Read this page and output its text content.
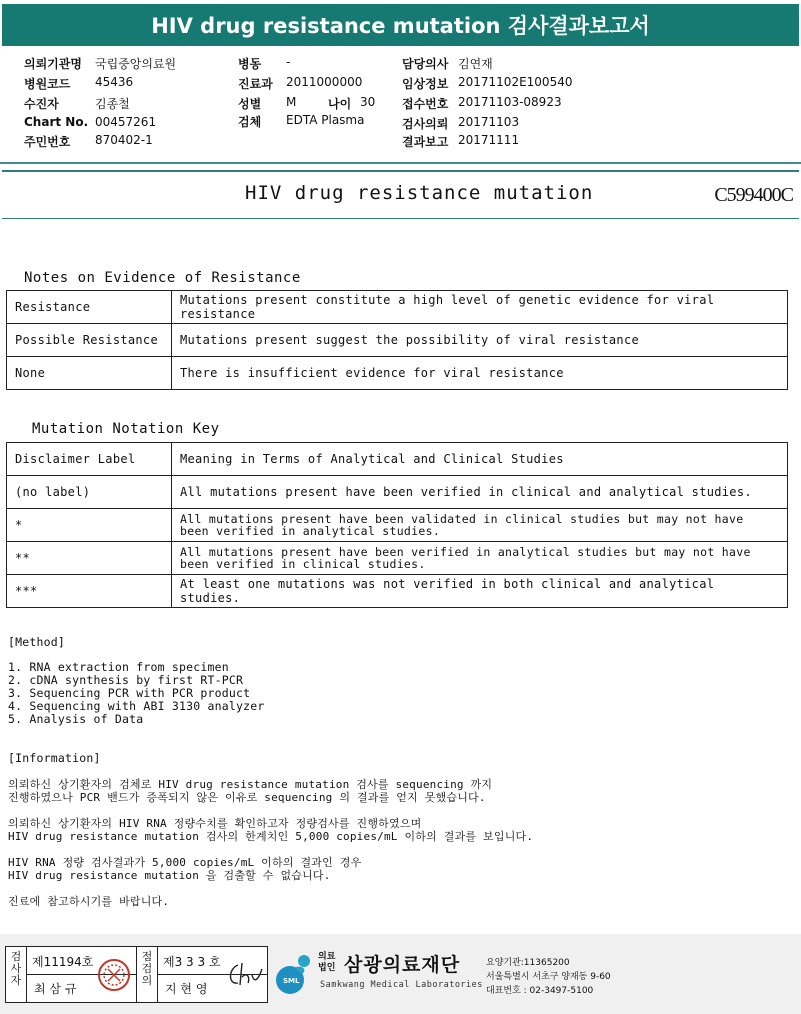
HIV drug resistance mutation 검사결과보고서
의뢰기관명 국립중앙의료원
병원코드 45436
수진자	김종철
Chart No. 00457261
주민번호 870402-1
병동 -
진료과 2011000000
성별 M	나이 30
검체 EDTA Plasma
담당의사 김연재
임상정보 20171102E100540
접수번호 20171103-08923
검사의뢰 20171103
결과보고 20171111
HIV drug resistance mutation	C599400C
Notes on Evidence of Resistance
Resistance	Mutations present constitute a high level of genetic evidence for viral resistance
Possible Resistance	Mutations present suggest the possibility of viral resistance
None	There is insufficient evidence for viral resistance
Mutation Notation Key
Disclaimer Label	Meaning in Terms of Analytical and Clinical Studies
(no label)	All mutations present have been verified in clinical and analytical studies.
*	All mutations present have been validated in clinical studies but may not have been verified in analytical studies.
**	All mutations present have been verified in analytical studies but may not have been verified in clinical studies.
***	At least one mutations was not verified in both clinical and analytical studies.
[Method]
1. RNA extraction from specimen
2. cDNA synthesis by first RT-PCR
3. Sequencing PCR with PCR product
4. Sequencing with ABI 3130 analyzer
5. Analysis of Data
[Information]
의뢰하신 상기환자의 검체로 HIV drug resistance mutation 검사를 sequencing 까지
진행하였으나 PCR 밴드가 증폭되지 않은 이유로 sequencing 의 결과를 얻지 못했습니다.
의뢰하신 상기환자의 HIV RNA 정량수치를 확인하고자 정량검사를 진행하였으며
HIV drug resistance mutation 검사의 한계치인 5,000 copies/mL 이하의 결과를 보입니다.
HIV RNA 정량 검사결과가 5,000 copies/mL 이하의 결과인 경우
HIV drug resistance mutation 을 검출할 수 없습니다.
진료에 참고하시기를 바랍니다.
검사자
제11194호
최 삼 규
점검의
제3 3 3 호
지 현 영
SML
의료법인 삼광의료재단
Samkwang Medical Laboratories
요양기관:11365200
서울특별시 서초구 양재동 9-60
대표번호 : 02-3497-5100
